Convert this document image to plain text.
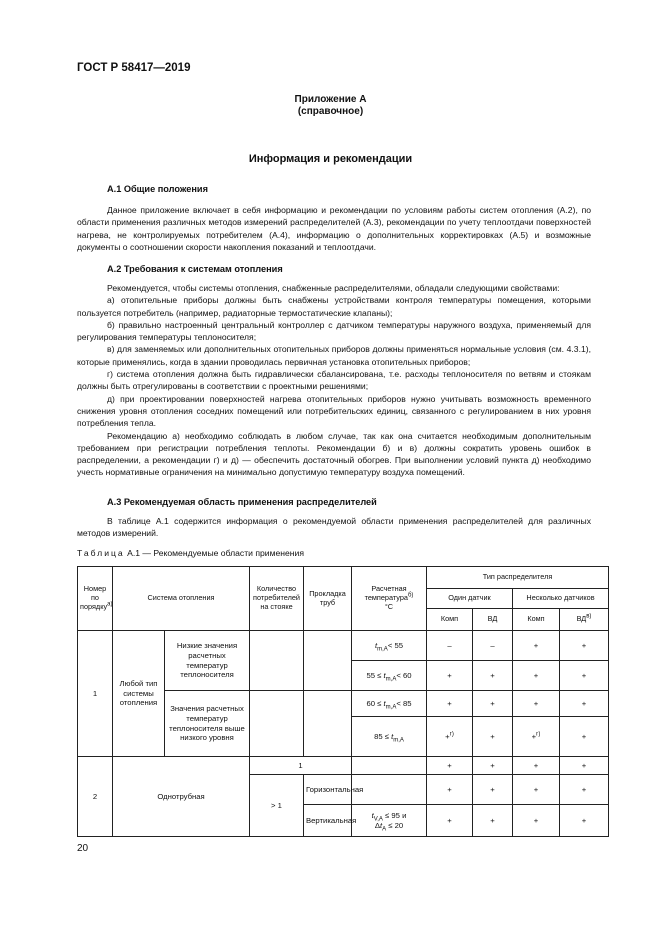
ГОСТ Р 58417—2019
Приложение А
(справочное)
Информация и рекомендации
А.1 Общие положения

Данное приложение включает в себя информацию и рекомендации по условиям работы систем отопления (А.2), по области применения различных методов измерений распределителей (А.3), рекомендации по учету теплоотдачи поверхностей нагрева, не контролируемых потребителем (А.4), информацию о дополнительных корректировках (А.5) и возможные документы о соотношении скорости накопления показаний и теплоотдачи.

А.2 Требования к системам отопления

Рекомендуется, чтобы системы отопления, снабженные распределителями, обладали следующими свойствами:

а) отопительные приборы должны быть снабжены устройствами контроля температуры помещения, которыми пользуется потребитель (например, радиаторные термостатические клапаны);

б) правильно настроенный центральный контроллер с датчиком температуры наружного воздуха, применяемый для регулирования температуры теплоносителя;

в) для заменяемых или дополнительных отопительных приборов должны применяться нормальные условия (см. 4.3.1), которые применялись, когда в здании проводилась первичная установка отопительных приборов;

г) система отопления должна быть гидравлически сбалансирована, т.е. расходы теплоносителя по ветвям и стоякам должны быть отрегулированы в соответствии с проектными решениями;

д) при проектировании поверхностей нагрева отопительных приборов нужно учитывать возможность временного снижения уровня отопления соседних помещений или потребительских единиц, связанного с регулированием в них уровня потребления тепла.

Рекомендацию а) необходимо соблюдать в любом случае, так как она считается необходимым дополнительным требованием при регистрации потребления теплоты. Рекомендации б) и в) должны сократить уровень ошибок в распределении, а рекомендации г) и д) — обеспечить достаточный обогрев. При выполнении условий пункта д) необходимо учесть нормативные ограничения на минимально допустимую температуру воздуха помещений.

А.3 Рекомендуемая область применения распределителей

В таблице А.1 содержится информация о рекомендуемой области применения распределителей для различных методов измерений.

Таблица А.1 — Рекомендуемые области применения
Номер по порядку$^{а)}$	Система отопления		Количество потребителей на стояке	Прокладка труб	Расчетная температура$^{б)}$
°С	Тип распределителя			
						Один датчик		Несколько датчиков	
						Комп	ВД	Комп	$ВД^{в)}$
1	Любой тип системы отопления	Низкие значения расчетных температур теплоносителя			$t_{m,A}< 55$	–	–	+	+
					$55 \le t_{m,A}< 60$	+	+	+	+
		Значения расчетных температур теплоносителя выше низкого уровня			$60 \le t_{m,A}< 85$	+	+	+	+
					$85 \le t_{m,A}$	+$^{г)}$	+	+$^{г)}$	+
2	Однотрубная		1			+	+	+	+
			> 1	Горизонтальная		+	+	+	+
				Вертикальная	$t_{V,A} \le 95$ и
$\Delta t_A \le 20$	+	+	+	+
20
